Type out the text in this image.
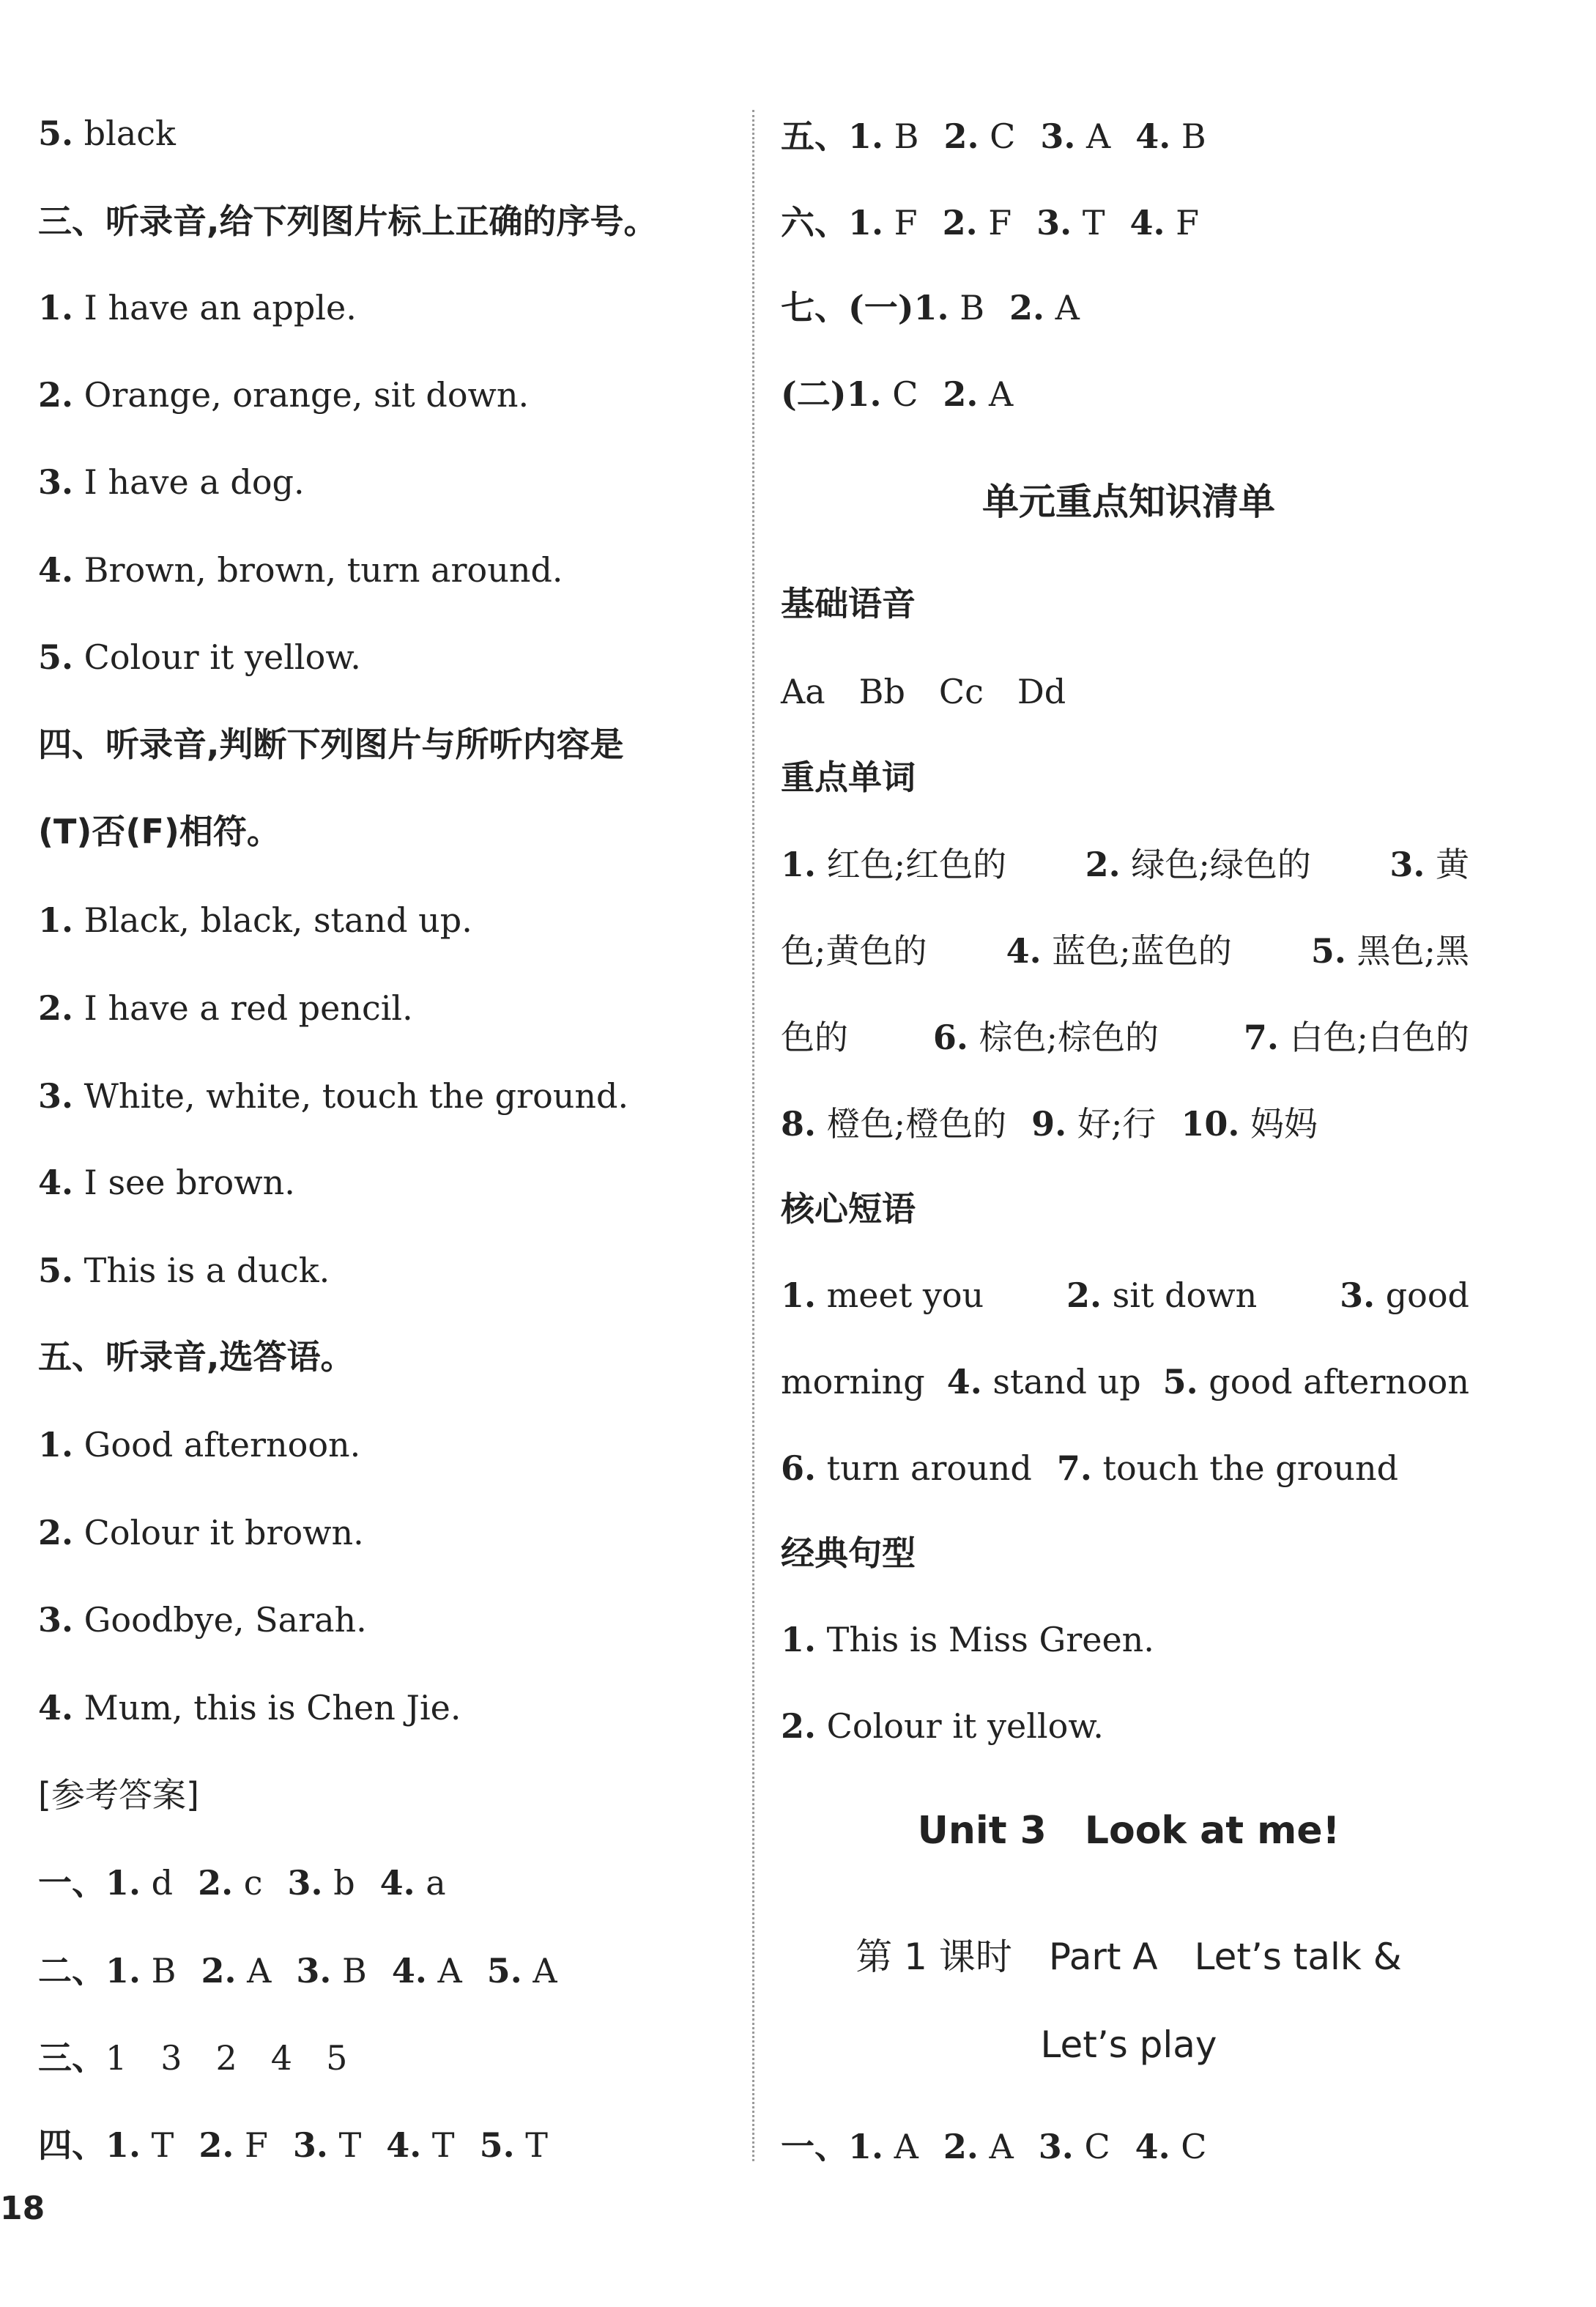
5. black
三、听录音,给下列图片标上正确的序号。
1. I have an apple.
2. Orange, orange, sit down.
3. I have a dog.
4. Brown, brown, turn around.
5. Colour it yellow.
四、听录音,判断下列图片与所听内容是
(T)否(F)相符。
1. Black, black, stand up.
2. I have a red pencil.
3. White, white, touch the ground.
4. I see brown.
5. This is a duck.
五、听录音,选答语。
1. Good afternoon.
2. Colour it brown.
3. Goodbye, Sarah.
4. Mum, this is Chen Jie.
[参考答案]
一、1. d 2. c 3. b 4. a
二、1. B 2. A 3. B 4. A 5. A
三、1　3　2　4　5
四、1. T 2. F 3. T 4. T 5. T
五、1. B 2. C 3. A 4. B
六、1. F 2. F 3. T 4. F
七、(一)1. B 2. A
(二)1. C 2. A
单元重点知识清单
基础语音
Aa　Bb　Cc　Dd
重点单词
1. 红色;红色的 2. 绿色;绿色的 3. 黄
色;黄色的 4. 蓝色;蓝色的 5. 黑色;黑
色的	6. 棕色;棕色的	7. 白色;白色的
8. 橙色;橙色的 9. 好;行 10. 妈妈
核心短语
1. meet you 2. sit down 3. good
morning 4. stand up 5. good afternoon
6. turn around 7. touch the ground
经典句型
1. This is Miss Green.
2. Colour it yellow.
Unit 3　Look at me!
第 1 课时　Part A　Let’s talk &
Let’s play
一、1. A 2. A 3. C 4. C
18
